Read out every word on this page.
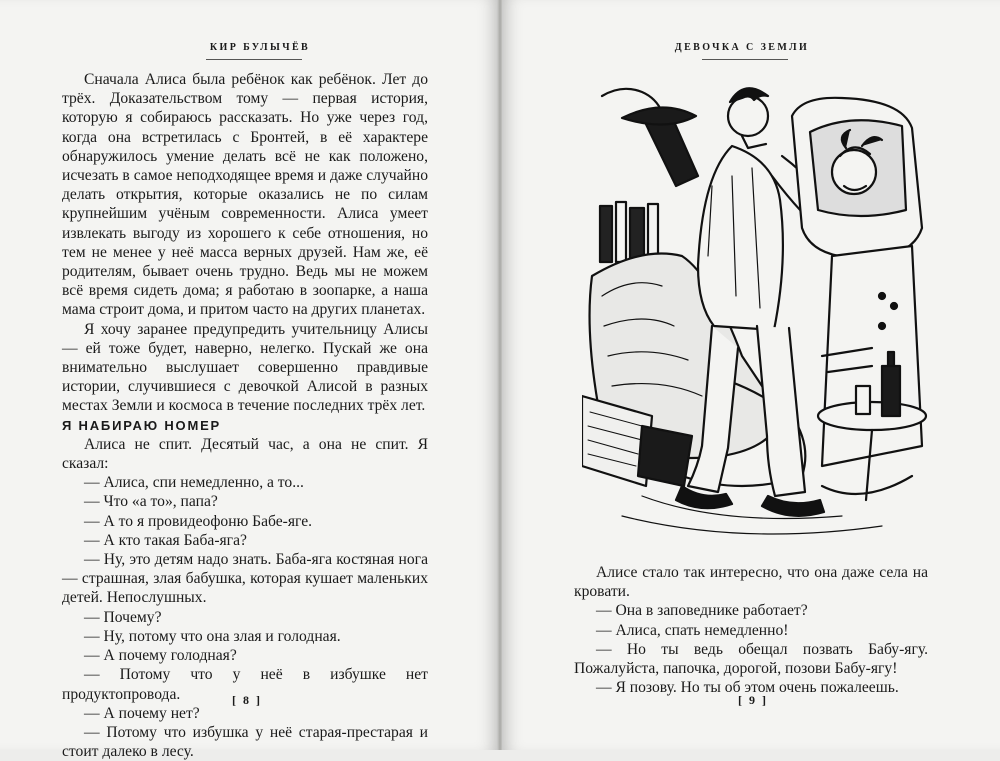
КИР БУЛЫЧЁВ

Сначала Алиса была ребёнок как ребёнок. Лет до трёх. Доказательством тому — первая история, которую я собираюсь рассказать. Но уже через год, когда она встретилась с Бронтей, в её характере обнаружилось умение делать всё не как положено, исчезать в самое неподходящее время и даже случайно делать открытия, которые оказались не по силам крупнейшим учёным современности. Алиса умеет извлекать выгоду из хорошего к себе отношения, но тем не менее у неё масса верных друзей. Нам же, её родителям, бывает очень трудно. Ведь мы не можем всё время сидеть дома; я работаю в зоопарке, а наша мама строит дома, и притом часто на других планетах.

Я хочу заранее предупредить учительницу Алисы — ей тоже будет, наверно, нелегко. Пускай же она внимательно выслушает совершенно правдивые истории, случившиеся с девочкой Алисой в разных местах Земли и космоса в течение последних трёх лет.

Я НАБИРАЮ НОМЕР

Алиса не спит. Десятый час, а она не спит. Я сказал:

— Алиса, спи немедленно, а то...

— Что «а то», папа?

— А то я провидеофоню Бабе-яге.

— А кто такая Баба-яга?

— Ну, это детям надо знать. Баба-яга костяная нога — страшная, злая бабушка, которая кушает маленьких детей. Непослушных.

— Почему?

— Ну, потому что она злая и голодная.

— А почему голодная?

— Потому что у неё в избушке нет продуктопровода.

— А почему нет?

— Потому что избушка у неё старая-престарая и стоит далеко в лесу.

[ 8 ]
ДЕВОЧКА С ЗЕМЛИ

Алисе стало так интересно, что она даже села на кровати.

— Она в заповеднике работает?

— Алиса, спать немедленно!

— Но ты ведь обещал позвать Бабу-ягу. Пожалуйста, папочка, дорогой, позови Бабу-ягу!

— Я позову. Но ты об этом очень пожалеешь.

[ 9 ]
